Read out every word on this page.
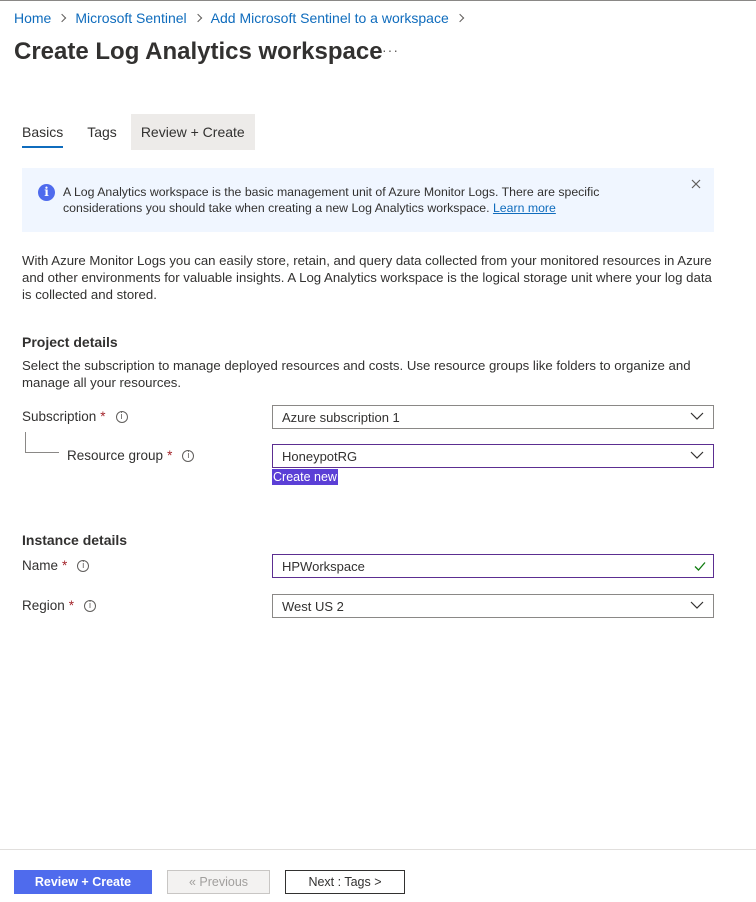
Home Microsoft Sentinel Add Microsoft Sentinel to a workspace
Create Log Analytics workspace ···
Basics Tags	Review + Create
i	A Log Analytics workspace is the basic management unit of Azure Monitor Logs. There are specific considerations you should take when creating a new Log Analytics workspace. Learn more

With Azure Monitor Logs you can easily store, retain, and query data collected from your monitored resources in Azure and other environments for valuable insights. A Log Analytics workspace is the logical storage unit where your log data is collected and stored.

Project details

Select the subscription to manage deployed resources and costs. Use resource groups like folders to organize and manage all your resources.

Subscription *	i	Azure subscription 1
Resource group *	i	HoneypotRG
Create new
Instance details
Name *	i	HPWorkspace
Region *	i	West US 2
Review + Create	« Previous	Next : Tags >
